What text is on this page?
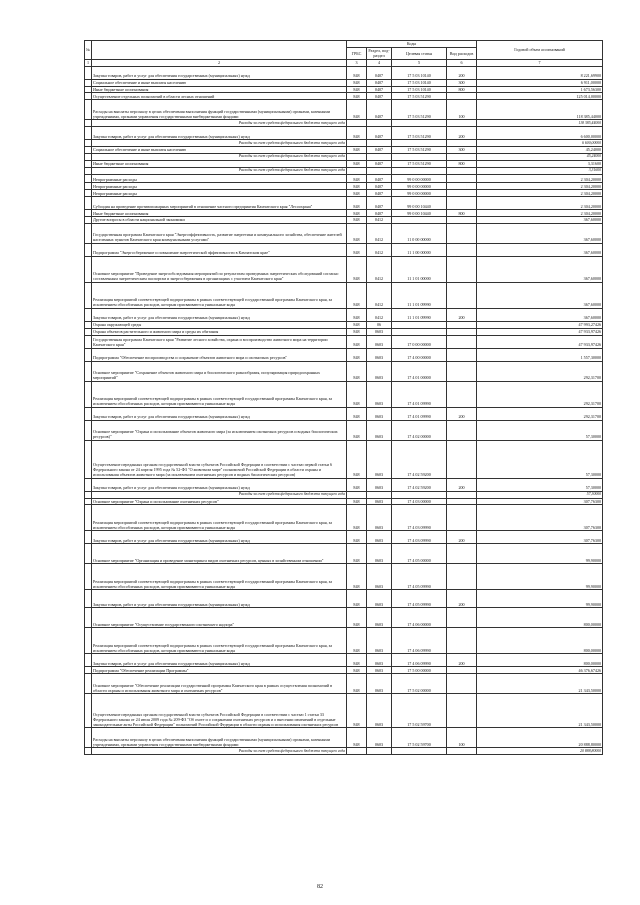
№		Коды				Годовой объем ассигнований
		ГРБС	Раздел, под- раздел	Целевая статья	Вид расходов	
1	2	3	4	5	6	7
	Закупка товаров, работ и услуг для обеспечения государственных (муниципальных) нужд	848	0407	17 5 03 10140	200	8 221,69900
	Социальное обеспечение и иные выплаты населению	848	0407	17 5 03 10140	300	6 911,00000
	Иные бюджетные ассигнования	848	0407	17 5 03 10140	800	1 673,56300
	Осуществление отдельных полномочий в области лесных отношений	848	0407	17 5 03 51290		125 014,00000
	Расходы на выплаты персоналу в целях обеспечения выполнения функций государственными (муниципальными) органами, казенными учреждениями, органами управления государственными внебюджетными фондами	848	0407	17 5 03 51290	100	118 385,44000
	Расходы за счет средств федерального бюджета текущего года					118 385,44000
	Закупка товаров, работ и услуг для обеспечения государственных (муниципальных) нужд	848	0407	17 5 03 51290	200	6 600,00000
	Расходы за счет средств федерального бюджета текущего года					6 600,00000
	Социальное обеспечение и иные выплаты населению	848	0407	17 5 03 51290	300	45,24000
	Расходы за счет средств федерального бюджета текущего года					45,24000
	Иные бюджетные ассигнования	848	0407	17 5 03 51290	800	3,31600
	Расходы за счет средств федерального бюджета текущего года					3,31600
	Непрограммные расходы	848	0407	99 0 00 00000		2 304,20000
	Непрограммные расходы	848	0407	99 0 00 00000		2 304,20000
	Непрограммные расходы	848	0407	99 0 00 00000		2 304,20000
	Субсидия на проведение противопожарных мероприятий в отношение частного предприятия Камчатского края "Лесоохрана"	848	0407	99 0 00 10440		2 304,20000
	Иные бюджетные ассигнования	848	0407	99 0 00 10440	800	2 304,20000
	Другие вопросы в области национальной экономики	848	0412			367,60000
	Государственная программа Камчатского края "Энергоэффективность, развитие энергетики и коммунального хозяйства, обеспечение жителей населенных пунктов Камчатского края коммунальными услугами"	848	0412	11 0 00 00000		367,60000
	Подпрограмма "Энергосбережение и повышение энергетической эффективности в Камчатском крае"	848	0412	11 1 00 00000		367,60000
	Основное мероприятие "Проведение энергообследования мероприятий по результатам проведенных энергетических обследований согласно составленным энергетическим паспортам и энергосбережения в организациях с участием Камчатского края"	848	0412	11 1 01 00000		367,60000
	Реализация мероприятий соответствующей подпрограммы в рамках соответствующей государственной программы Камчатского края, за исключением обособленных расходов, которым присваиваются уникальные коды	848	0412	11 1 01 09990		367,60000
	Закупка товаров, работ и услуг для обеспечения государственных (муниципальных) нужд	848	0412	11 1 01 09990	200	367,60000
	Охрана окружающей среды	848	06			47 993,27426
	Охрана объектов растительного и животного мира и среды их обитания	848	0603			47 933,97426
	Государственная программа Камчатского края "Развитие лесного хозяйства, охрана и воспроизводство животного мира на территории Камчатского края"	848	0603	17 0 00 00000		47 933,97426
	Подпрограмма "Обеспечение воспроизводства и сохранение объектов животного мира и охотничьих ресурсов"	848	0603	17 4 00 00000		1 557,30000
	Основное мероприятие "Сохранение объектов животного мира и биологического разнообразия, популяризация природоохранных мероприятий"	848	0603	17 4 01 00000		292,31700
	Реализация мероприятий соответствующей подпрограммы в рамках соответствующей государственной программы Камчатского края, за исключением обособленных расходов, которым присваиваются уникальные коды	848	0603	17 4 01 09990		292,31700
	Закупка товаров, работ и услуг для обеспечения государственных (муниципальных) нужд	848	0603	17 4 01 09990	200	292,31700
	Основное мероприятие "Охрана и использование объектов животного мира (за исключением охотничьих ресурсов и водных биологических ресурсов)"	848	0603	17 4 02 00000		57,30000
	Осуществление переданных органам государственной власти субъектов Российской Федерации в соответствии с частью первой статьи 6 Федерального закона от 24 апреля 1995 года № 52-ФЗ "О животном мире" полномочий Российской Федерации в области охраны и использования объектов животного мира (за исключением охотничьих ресурсов и водных биологических ресурсов)	848	0603	17 4 02 59200		57,30000
	Закупка товаров, работ и услуг для обеспечения государственных (муниципальных) нужд	848	0603	17 4 02 59200	200	57,30000
	Расходы за счет средств федерального бюджета текущего года					57,30000
	Основное мероприятие "Охрана и использование охотничьих ресурсов"	848	0603	17 4 03 00000		307,76300
	Реализация мероприятий соответствующей подпрограммы в рамках соответствующей государственной программы Камчатского края, за исключением обособленных расходов, которым присваиваются уникальные коды	848	0603	17 4 03 09990		307,76300
	Закупка товаров, работ и услуг для обеспечения государственных (муниципальных) нужд	848	0603	17 4 03 09990	200	307,76300
	Основное мероприятие "Организация и проведение мониторинга видов охотничьих ресурсов, ценных в хозяйственном отношении"	848	0603	17 4 05 00000		99,90000
	Реализация мероприятий соответствующей подпрограммы в рамках соответствующей государственной программы Камчатского края, за исключением обособленных расходов, которым присваиваются уникальные коды	848	0603	17 4 05 09990		99,90000
	Закупка товаров, работ и услуг для обеспечения государственных (муниципальных) нужд	848	0603	17 4 05 09990	200	99,90000
	Основное мероприятие "Осуществление государственного охотничьего надзора"	848	0603	17 4 06 00000		800,00000
	Реализация мероприятий соответствующей подпрограммы в рамках соответствующей государственной программы Камчатского края, за исключением обособленных расходов, которым присваиваются уникальные коды	848	0603	17 4 06 09990		800,00000
	Закупка товаров, работ и услуг для обеспечения государственных (муниципальных) нужд	848	0603	17 4 06 09990	200	800,00000
	Подпрограмма "Обеспечение реализации Программы"	848	0603	17 5 00 00000		46 376,67426
	Основное мероприятие "Обеспечение реализации государственной программы Камчатского края в рамках осуществления полномочий в области охраны и использования животного мира и охотничьих ресурсов"	848	0603	17 5 02 00000		21 343,50000
	Осуществление переданных органам государственной власти субъектов Российской Федерации в соответствии с частью 1 статьи 33 Федерального закона от 24 июля 2009 года № 209-ФЗ "Об охоте и о сохранении охотничьих ресурсов и о внесении изменений в отдельные законодательные акты Российской Федерации" полномочий Российской Федерации в области охраны и использования охотничьих ресурсов	848	0603	17 5 02 59700		21 343,50000
	Расходы на выплаты персоналу в целях обеспечения выполнения функций государственными (муниципальными) органами, казенными учреждениями, органами управления государственными внебюджетными фондами	848	0603	17 5 02 59700	100	20 888,80000
	Расходы за счет средств федерального бюджета текущего года					20 888,80000
82
